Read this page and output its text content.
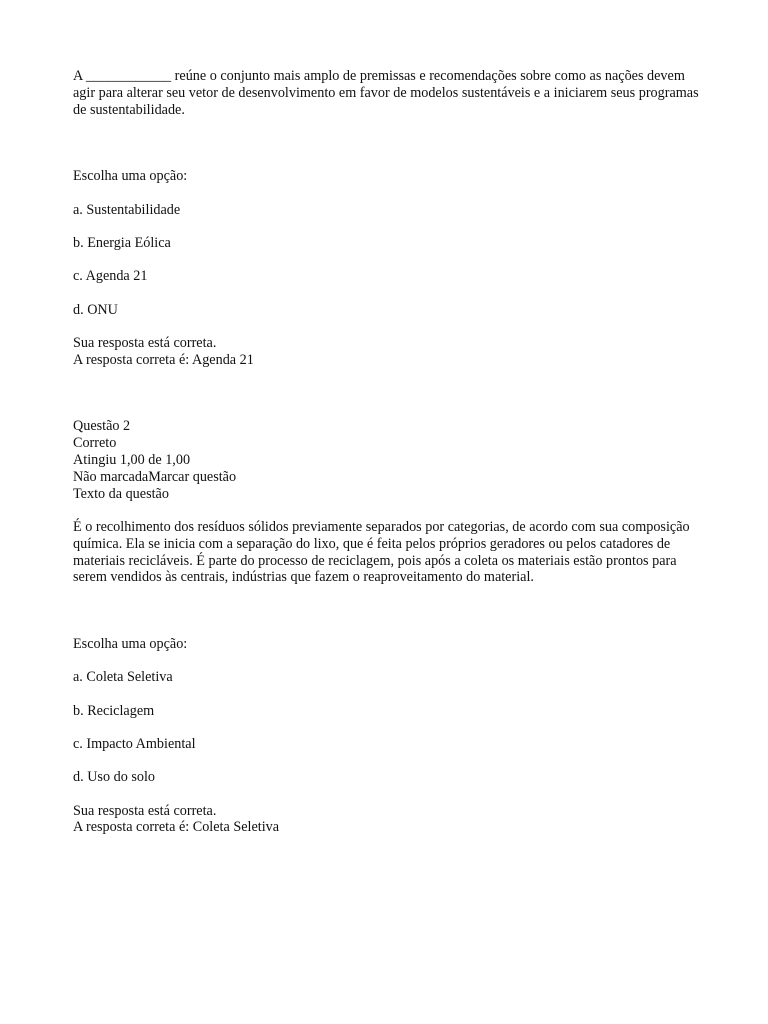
A ____________ reúne o conjunto mais amplo de premissas e recomendações sobre como as nações devem agir para alterar seu vetor de desenvolvimento em favor de modelos sustentáveis e a iniciarem seus programas de sustentabilidade.

Escolha uma opção:

a. Sustentabilidade

b. Energia Eólica

c. Agenda 21

d. ONU

Sua resposta está correta.

A resposta correta é: Agenda 21

Questão 2

Correto

Atingiu 1,00 de 1,00

Não marcadaMarcar questão

Texto da questão

É o recolhimento dos resíduos sólidos previamente separados por categorias, de acordo com sua composição química. Ela se inicia com a separação do lixo, que é feita pelos próprios geradores ou pelos catadores de materiais recicláveis. É parte do processo de reciclagem, pois após a coleta os materiais estão prontos para serem vendidos às centrais, indústrias que fazem o reaproveitamento do material.

Escolha uma opção:

a. Coleta Seletiva

b. Reciclagem

c. Impacto Ambiental

d. Uso do solo

Sua resposta está correta.

A resposta correta é: Coleta Seletiva
